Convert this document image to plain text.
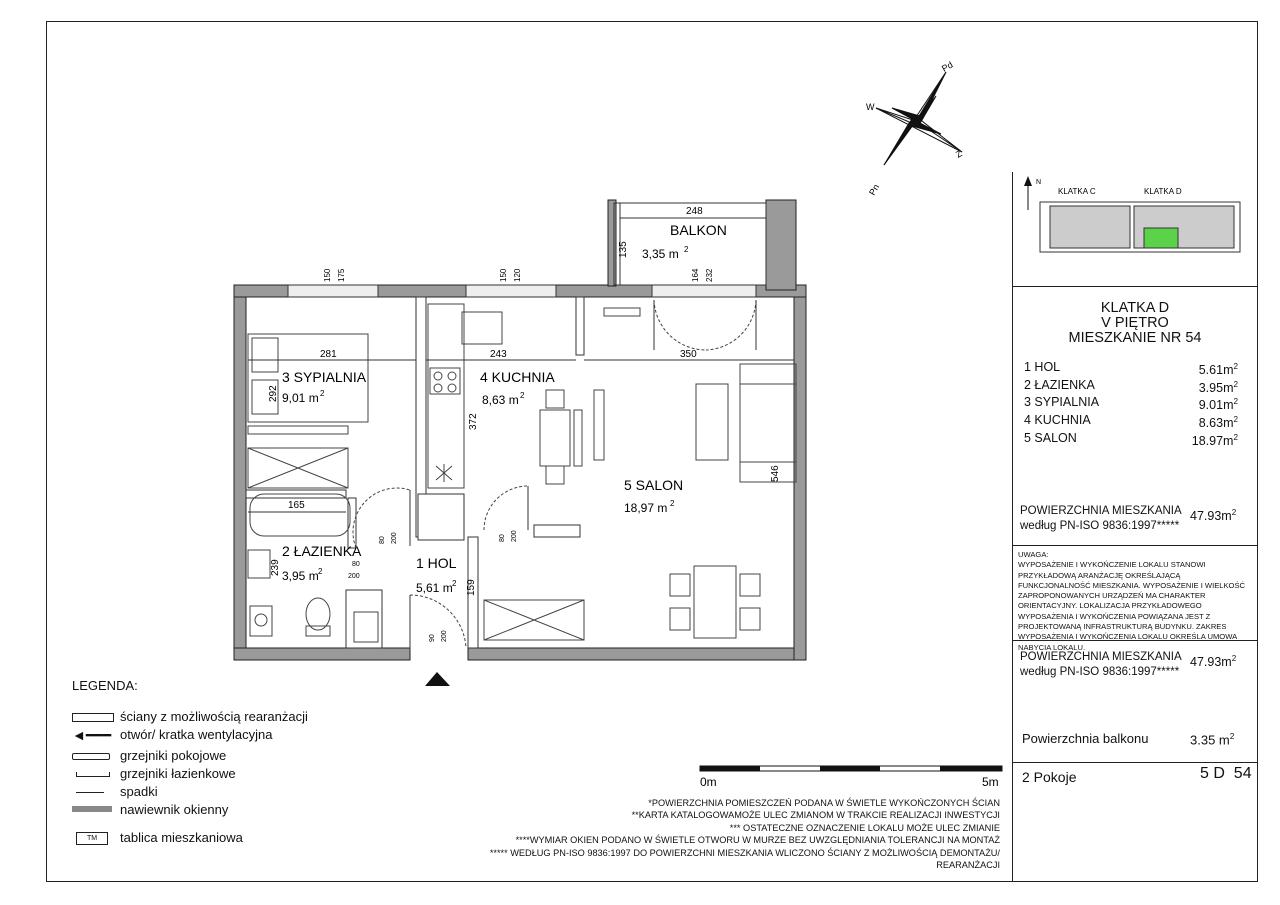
Pd
W
Z
Pn
BALKON
3,35 m 2
248
135
3 SYPIALNIA
9,01 m 2
281
292
4 KUCHNIA
8,63 m 2
243
372
5 SALON
18,97 m 2
350
546
2 ŁAZIENKA
3,95 m 2
165
239	1 HOL
5,61 m 2 159
150 175	150 120	164 232
80 200	80 200
80
200
90 200
0m	5m
KLATKA C	KLATKA D
N
KLATKA D
V PIĘTRO
MIESZKANIE NR 54
1 HOL	$5.61m^2$
2 ŁAZIENKA	$3.95m^2$
3 SYPIALNIA	$9.01m^2$
4 KUCHNIA	$8.63m^2$
5 SALON	$18.97m^2$
POWIERZCHNIA MIESZKANIA
według PN-ISO 9836:1997*****
$47.93m^2$
UWAGA:
WYPOSAŻENIE I WYKOŃCZENIE LOKALU STANOWI PRZYKŁADOWĄ ARANŻACJĘ OKREŚLAJĄCĄ FUNKCJONALNOŚĆ MIESZKANIA. WYPOSAŻENIE I WIELKOŚĆ ZAPROPONOWANYCH URZĄDZEŃ MA CHARAKTER ORIENTACYJNY. LOKALIZACJA PRZYKŁADOWEGO WYPOSAŻENIA I WYKOŃCZENIA POWIĄZANA JEST Z PROJEKTOWANĄ INFRASTRUKTURĄ BUDYNKU. ZAKRES WYPOSAŻENIA I WYKOŃCZENIA LOKALU OKREŚLA UMOWA NABYCIA LOKALU.
POWIERZCHNIA MIESZKANIA
według PN-ISO 9836:1997*****
$47.93m^2$
Powierzchnia balkonu	3.35 $m^2$
2 Pokoje	5 D  54
LEGENDA:
ściany z możliwością rearanżacji
◄━━━ otwór/ kratka wentylacyjna
grzejniki pokojowe
grzejniki łazienkowe
spadki
nawiewnik okienny
TM	tablica mieszkaniowa
*POWIERZCHNIA POMIESZCZEŃ PODANA W ŚWIETLE WYKOŃCZONYCH ŚCIAN
**KARTA KATALOGOWAMOŻE ULEC ZMIANOM W TRAKCIE REALIZACJI INWESTYCJI
*** OSTATECZNE OZNACZENIE LOKALU MOŻE ULEC ZMIANIE
****WYMIAR OKIEN PODANO W ŚWIETLE OTWORU W MURZE BEZ UWZGLĘDNIANIA TOLERANCJI NA MONTAŻ
***** WEDŁUG PN-ISO 9836:1997 DO POWIERZCHNI MIESZKANIA WLICZONO ŚCIANY Z MOŻLIWOŚCIĄ DEMONTAŻU/
REARANŻACJI
